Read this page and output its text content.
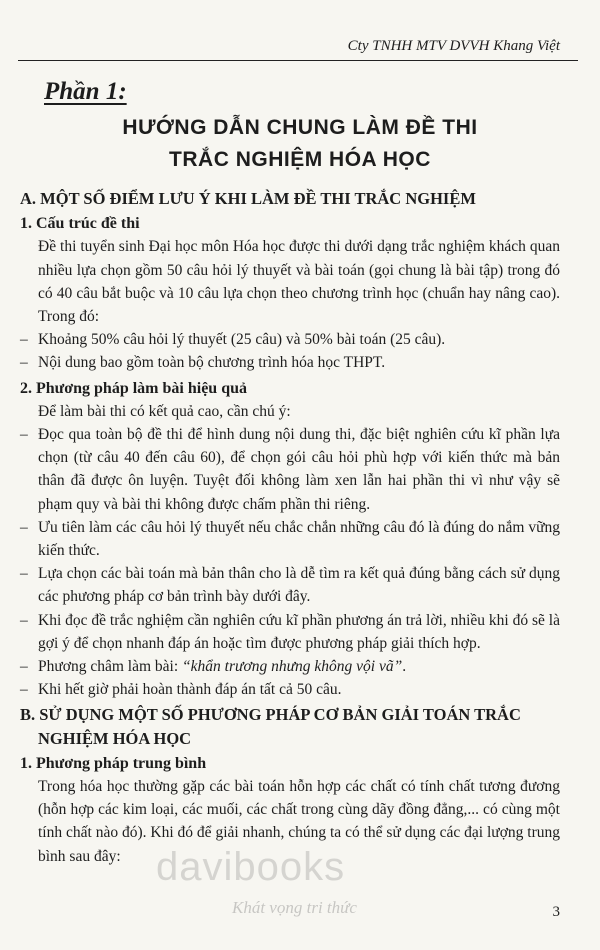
Cty TNHH MTV DVVH Khang Việt
Phần 1:
HƯỚNG DẪN CHUNG LÀM ĐỀ THI
TRẮC NGHIỆM HÓA HỌC
A. MỘT SỐ ĐIỂM LƯU Ý KHI LÀM ĐỀ THI TRẮC NGHIỆM
1. Cấu trúc đề thi
Đề thi tuyển sinh Đại học môn Hóa học được thi dưới dạng trắc nghiệm khách quan nhiều lựa chọn gồm 50 câu hỏi lý thuyết và bài toán (gọi chung là bài tập) trong đó có 40 câu bắt buộc và 10 câu lựa chọn theo chương trình học (chuẩn hay nâng cao). Trong đó:
– Khoảng 50% câu hỏi lý thuyết (25 câu) và 50% bài toán (25 câu).
– Nội dung bao gồm toàn bộ chương trình hóa học THPT.
2. Phương pháp làm bài hiệu quả
Để làm bài thi có kết quả cao, cần chú ý:
– Đọc qua toàn bộ đề thi để hình dung nội dung thi, đặc biệt nghiên cứu kĩ phần lựa chọn (từ câu 40 đến câu 60), để chọn gói câu hỏi phù hợp với kiến thức mà bản thân đã được ôn luyện. Tuyệt đối không làm xen lẫn hai phần thi vì như vậy sẽ phạm quy và bài thi không được chấm phần thi riêng.
– Ưu tiên làm các câu hỏi lý thuyết nếu chắc chắn những câu đó là đúng do nắm vững kiến thức.
– Lựa chọn các bài toán mà bản thân cho là dễ tìm ra kết quả đúng bằng cách sử dụng các phương pháp cơ bản trình bày dưới đây.
– Khi đọc đề trắc nghiệm cần nghiên cứu kĩ phần phương án trả lời, nhiều khi đó sẽ là gợi ý để chọn nhanh đáp án hoặc tìm được phương pháp giải thích hợp.
– Phương châm làm bài: “khẩn trương nhưng không vội vã”.
– Khi hết giờ phải hoàn thành đáp án tất cả 50 câu.
B. SỬ DỤNG MỘT SỐ PHƯƠNG PHÁP CƠ BẢN GIẢI TOÁN TRẮC
NGHIỆM HÓA HỌC
1. Phương pháp trung bình
Trong hóa học thường gặp các bài toán hỗn hợp các chất có tính chất tương đương (hỗn hợp các kim loại, các muối, các chất trong cùng dãy đồng đẳng,... có cùng một tính chất nào đó). Khi đó để giải nhanh, chúng ta có thể sử dụng các đại lượng trung bình sau đây: davibooks
Khát vọng tri thức	3
